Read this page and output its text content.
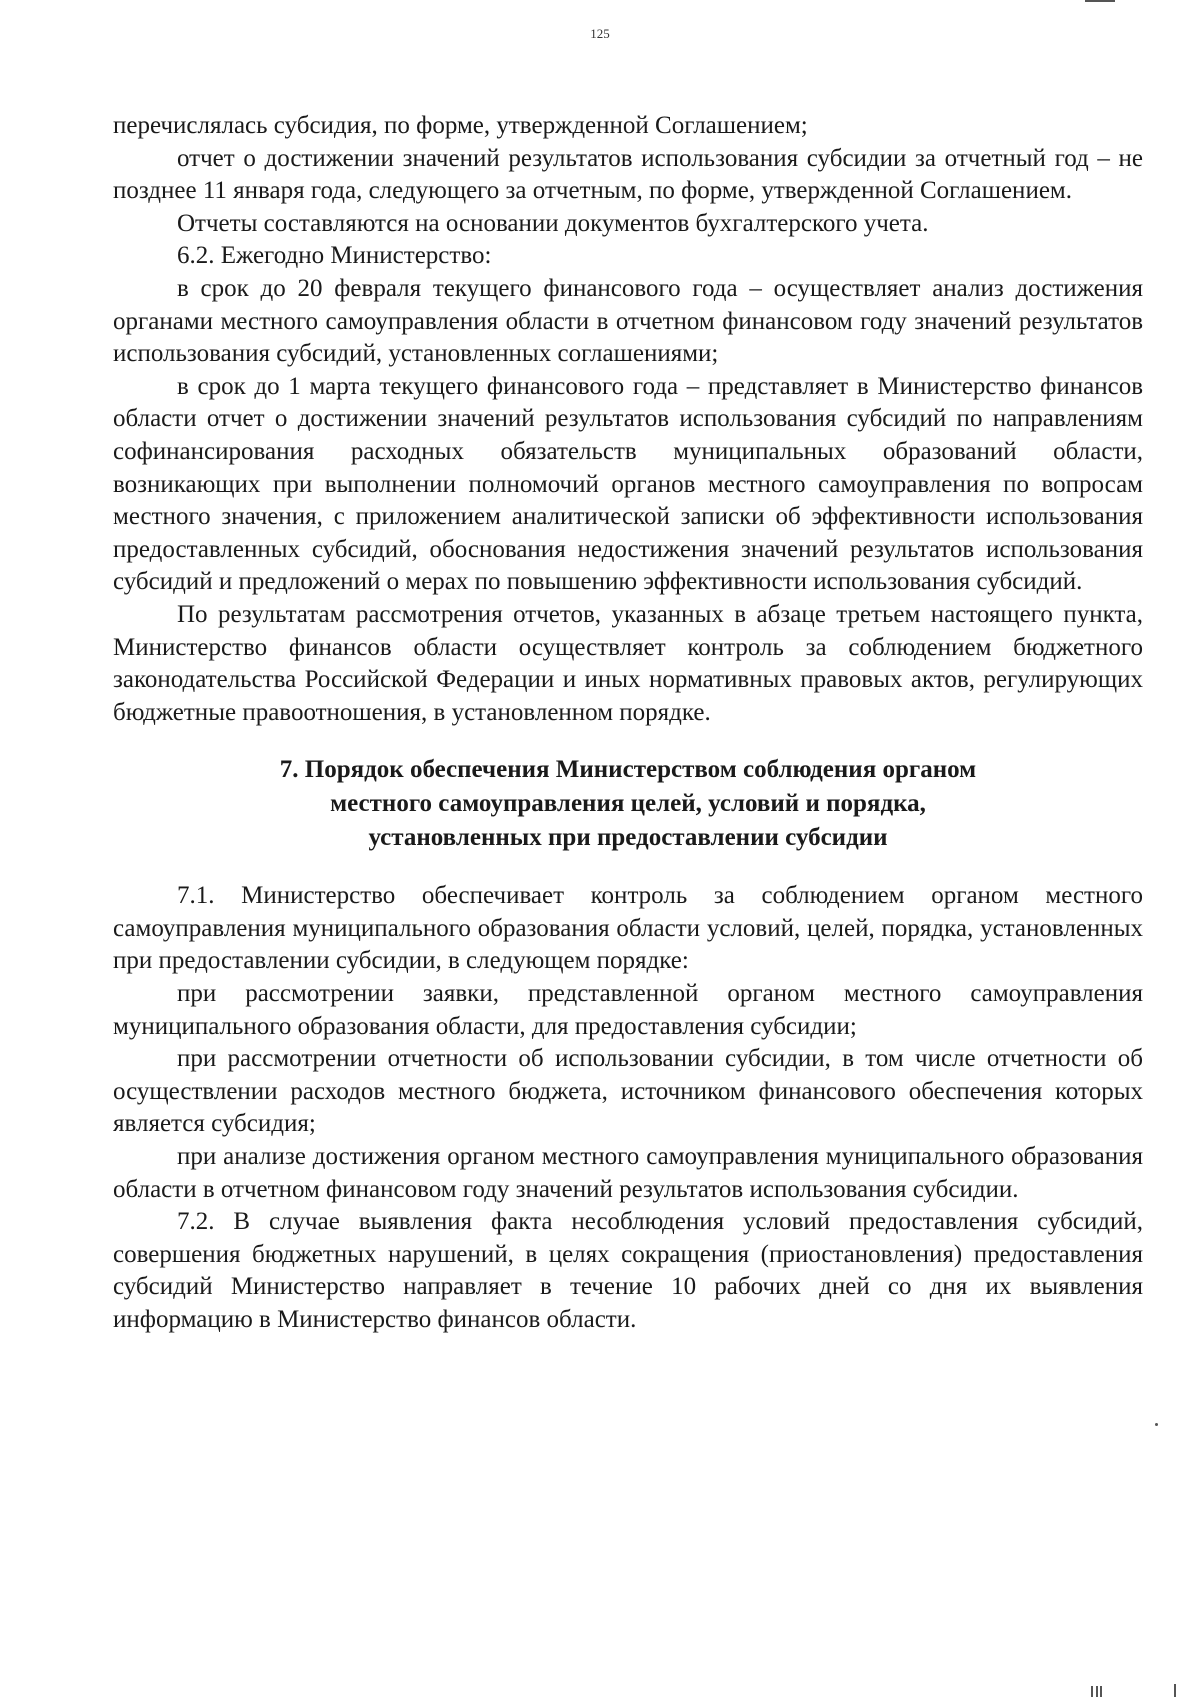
125

перечислялась субсидия, по форме, утвержденной Соглашением;

отчет о достижении значений результатов использования субсидии за отчетный год – не позднее 11 января года, следующего за отчетным, по форме, утвержденной Соглашением.

Отчеты составляются на основании документов бухгалтерского учета.

6.2. Ежегодно Министерство:

в срок до 20 февраля текущего финансового года – осуществляет анализ достижения органами местного самоуправления области в отчетном финансовом году значений результатов использования субсидий, установленных соглашениями;

в срок до 1 марта текущего финансового года – представляет в Министерство финансов области отчет о достижении значений результатов использования субсидий по направлениям софинансирования расходных обязательств муниципальных образований области, возникающих при выполнении полномочий органов местного самоуправления по вопросам местного значения, с приложением аналитической записки об эффективности использования предоставленных субсидий, обоснования недостижения значений результатов использования субсидий и предложений о мерах по повышению эффективности использования субсидий.

По результатам рассмотрения отчетов, указанных в абзаце третьем настоящего пункта, Министерство финансов области осуществляет контроль за соблюдением бюджетного законодательства Российской Федерации и иных нормативных правовых актов, регулирующих бюджетные правоотношения, в установленном порядке.

7. Порядок обеспечения Министерством соблюдения органом
местного самоуправления целей, условий и порядка,
установленных при предоставлении субсидии

7.1. Министерство обеспечивает контроль за соблюдением органом местного самоуправления муниципального образования области условий, целей, порядка, установленных при предоставлении субсидии, в следующем порядке:

при рассмотрении заявки, представленной органом местного самоуправления муниципального образования области, для предоставления субсидии;

при рассмотрении отчетности об использовании субсидии, в том числе отчетности об осуществлении расходов местного бюджета, источником финансового обеспечения которых является субсидия;

при анализе достижения органом местного самоуправления муниципального образования области в отчетном финансовом году значений результатов использования субсидии.

7.2. В случае выявления факта несоблюдения условий предоставления субсидий, совершения бюджетных нарушений, в целях сокращения (приостановления) предоставления субсидий Министерство направляет в течение 10 рабочих дней со дня их выявления информацию в Министерство финансов области.
